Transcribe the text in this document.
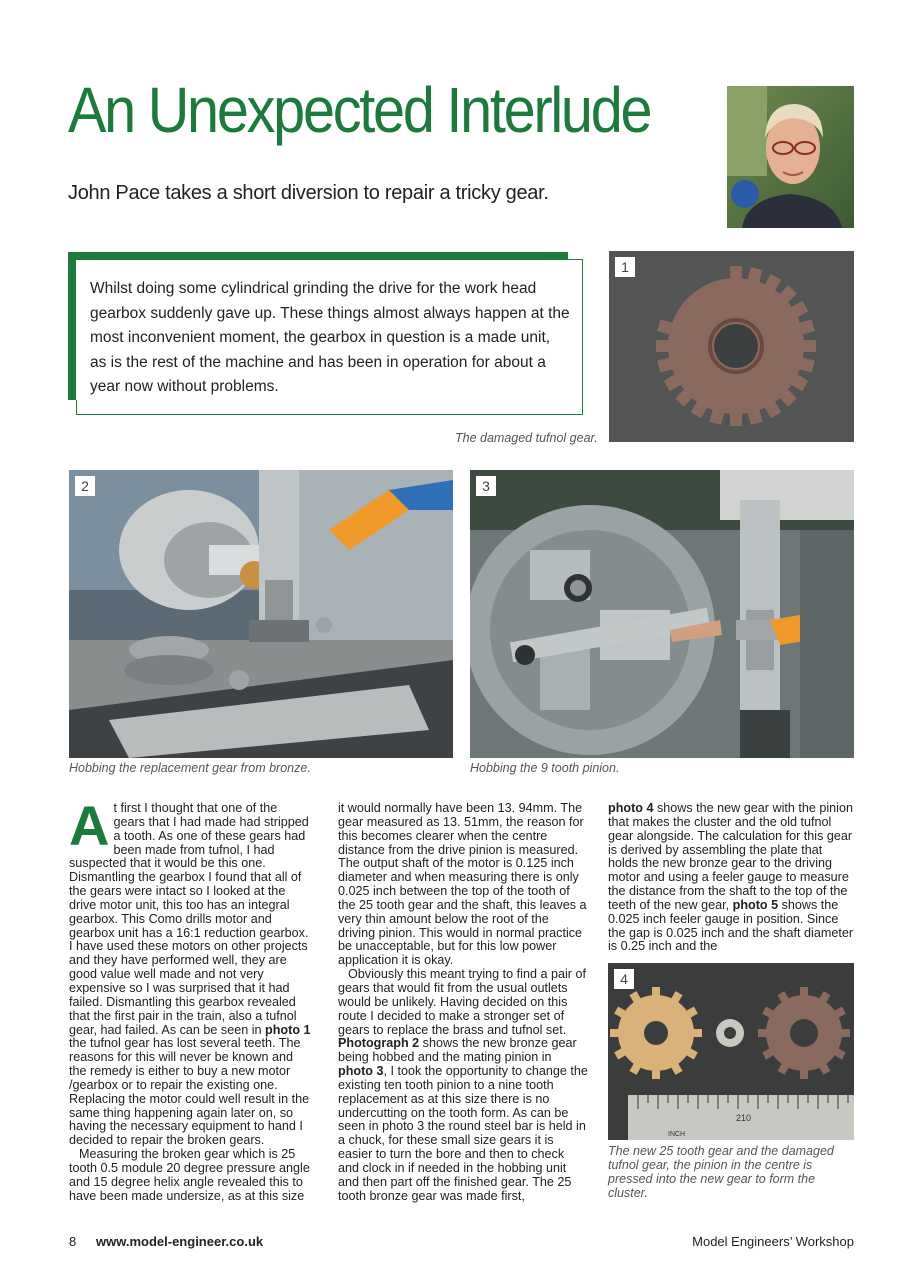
An Unexpected Interlude
John Pace takes a short diversion to repair a tricky gear.
Whilst doing some cylindrical grinding the drive for the work head gearbox suddenly gave up. These things almost always happen at the most inconvenient moment, the gearbox in question is a made unit, as is the rest of the machine and has been in operation for about a year now without problems.
1
The damaged tufnol gear.
2
Hobbing the replacement gear from bronze.
3
Hobbing the 9 tooth pinion.
At first I thought that one of the gears that I had made had stripped a tooth. As one of these gears had been made from tufnol, I had suspected that it would be this one. Dismantling the gearbox I found that all of the gears were intact so I looked at the drive motor unit, this too has an integral gearbox. This Como drills motor and gearbox unit has a 16:1 reduction gearbox. I have used these motors on other projects and they have performed well, they are good value well made and not very expensive so I was surprised that it had failed. Dismantling this gearbox revealed that the first pair in the train, also a tufnol gear, had failed. As can be seen in photo 1 the tufnol gear has lost several teeth. The reasons for this will never be known and the remedy is either to buy a new motor /gearbox or to repair the existing one. Replacing the motor could well result in the same thing happening again later on, so having the necessary equipment to hand I decided to repair the broken gears.

Measuring the broken gear which is 25 tooth 0.5 module 20 degree pressure angle and 15 degree helix angle revealed this to have been made undersize, as at this size

it would normally have been 13. 94mm. The gear measured as 13. 51mm, the reason for this becomes clearer when the centre distance from the drive pinion is measured. The output shaft of the motor is 0.125 inch diameter and when measuring there is only 0.025 inch between the top of the tooth of the 25 tooth gear and the shaft, this leaves a very thin amount below the root of the driving pinion. This would in normal practice be unacceptable, but for this low power application it is okay.

Obviously this meant trying to find a pair of gears that would fit from the usual outlets would be unlikely. Having decided on this route I decided to make a stronger set of gears to replace the brass and tufnol set. Photograph 2 shows the new bronze gear being hobbed and the mating pinion in photo 3, I took the opportunity to change the existing ten tooth pinion to a nine tooth replacement as at this size there is no undercutting on the tooth form. As can be seen in photo 3 the round steel bar is held in a chuck, for these small size gears it is easier to turn the bore and then to check and clock in if needed in the hobbing unit and then part off the finished gear. The 25 tooth bronze gear was made first,

photo 4 shows the new gear with the pinion that makes the cluster and the old tufnol gear alongside. The calculation for this gear is derived by assembling the plate that holds the new bronze gear to the driving motor and using a feeler gauge to measure the distance from the shaft to the top of the teeth of the new gear, photo 5 shows the 0.025 inch feeler gauge in position. Since the gap is 0.025 inch and the shaft diameter is 0.25 inch and the
210
INCH
4
The new 25 tooth gear and the damaged tufnol gear, the pinion in the centre is pressed into the new gear to form the cluster.
8 www.model-engineer.co.uk	Model Engineers’ Workshop
